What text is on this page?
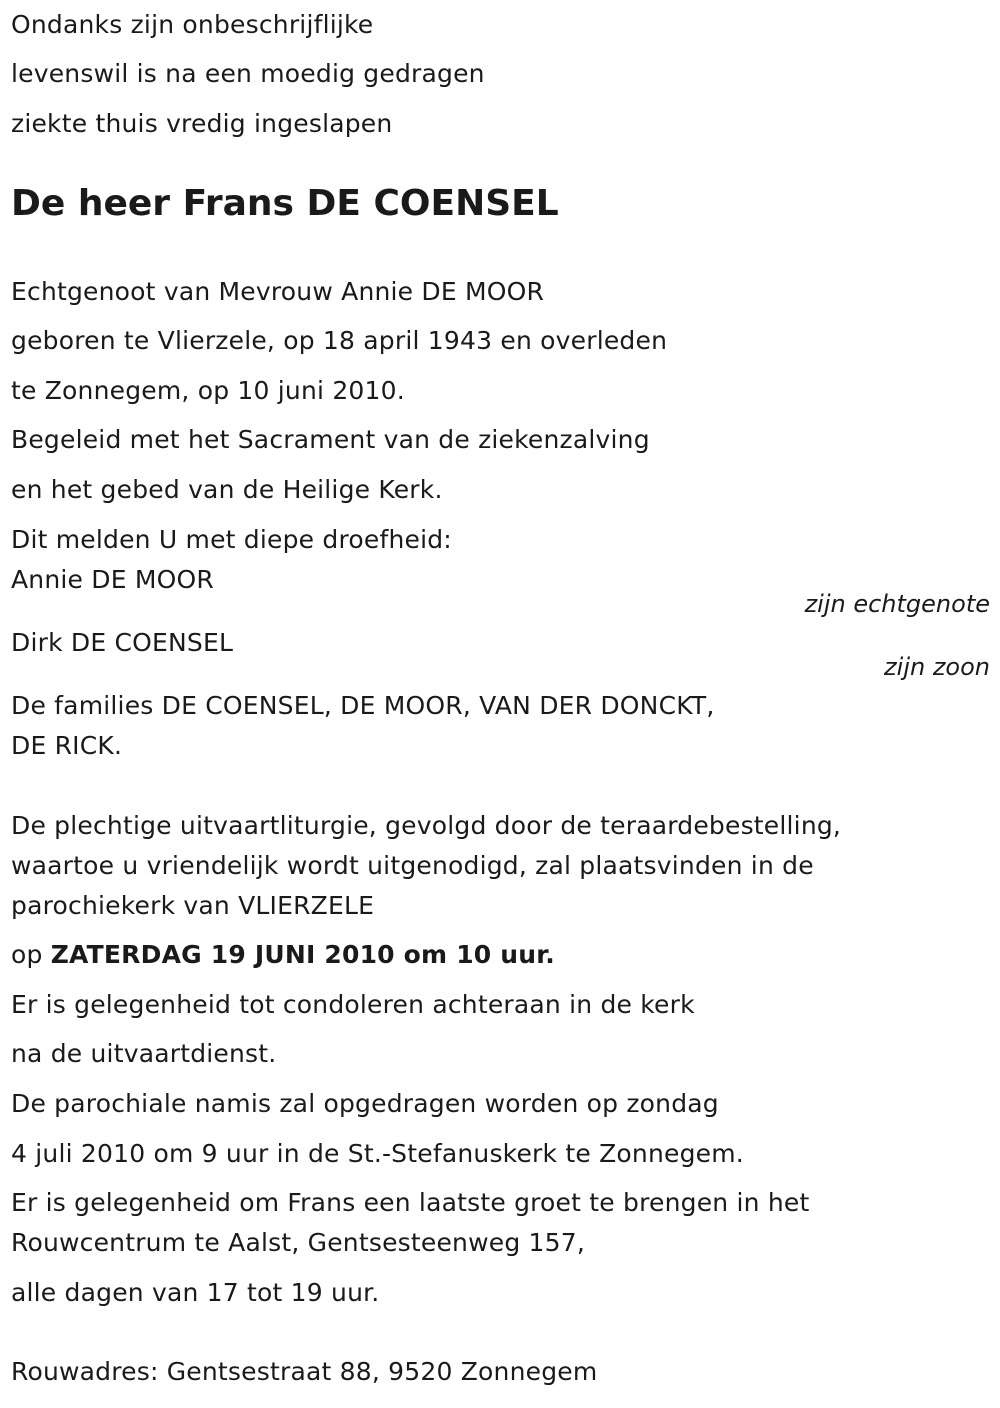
Ondanks zijn onbeschrijflijke
levenswil is na een moedig gedragen
ziekte thuis vredig ingeslapen
De heer Frans DE COENSEL
Echtgenoot van Mevrouw Annie DE MOOR
geboren te Vlierzele, op 18 april 1943 en overleden
te Zonnegem, op 10 juni 2010.
Begeleid met het Sacrament van de ziekenzalving
en het gebed van de Heilige Kerk.
Dit melden U met diepe droefheid:
Annie DE MOOR
zijn echtgenote
Dirk DE COENSEL
zijn zoon
De families DE COENSEL, DE MOOR, VAN DER DONCKT,
DE RICK.
De plechtige uitvaartliturgie, gevolgd door de teraardebestelling,
waartoe u vriendelijk wordt uitgenodigd, zal plaatsvinden in de
parochiekerk van VLIERZELE
op ZATERDAG 19 JUNI 2010 om 10 uur.
Er is gelegenheid tot condoleren achteraan in de kerk
na de uitvaartdienst.
De parochiale namis zal opgedragen worden op zondag
4 juli 2010 om 9 uur in de St.-Stefanuskerk te Zonnegem.
Er is gelegenheid om Frans een laatste groet te brengen in het
Rouwcentrum te Aalst, Gentsesteenweg 157,
alle dagen van 17 tot 19 uur.
Rouwadres: Gentsestraat 88, 9520 Zonnegem
